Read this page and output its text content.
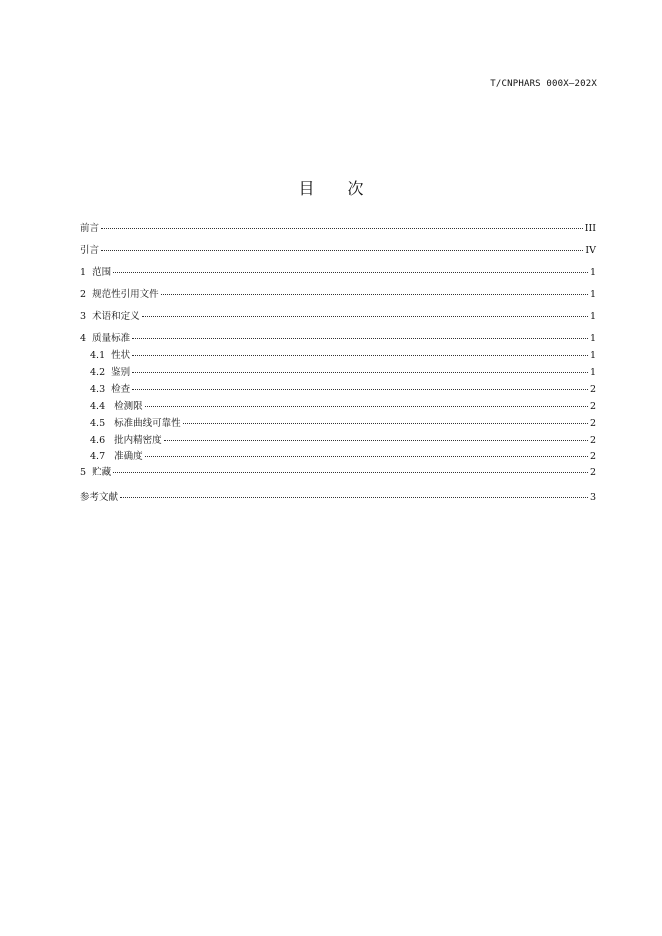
T/CNPHARS 000X—202X
目 次
前言	III
引言	IV
1  范围	1
2  规范性引用文件	1
3  术语和定义	1
4  质量标准	1
4.1  性状	1
4.2  鉴别	1
4.3  检查	2
4.4   检测限	2
4.5   标准曲线可靠性	2
4.6   批内精密度	2
4.7   准确度	2
5  贮藏	2
参考文献	3
